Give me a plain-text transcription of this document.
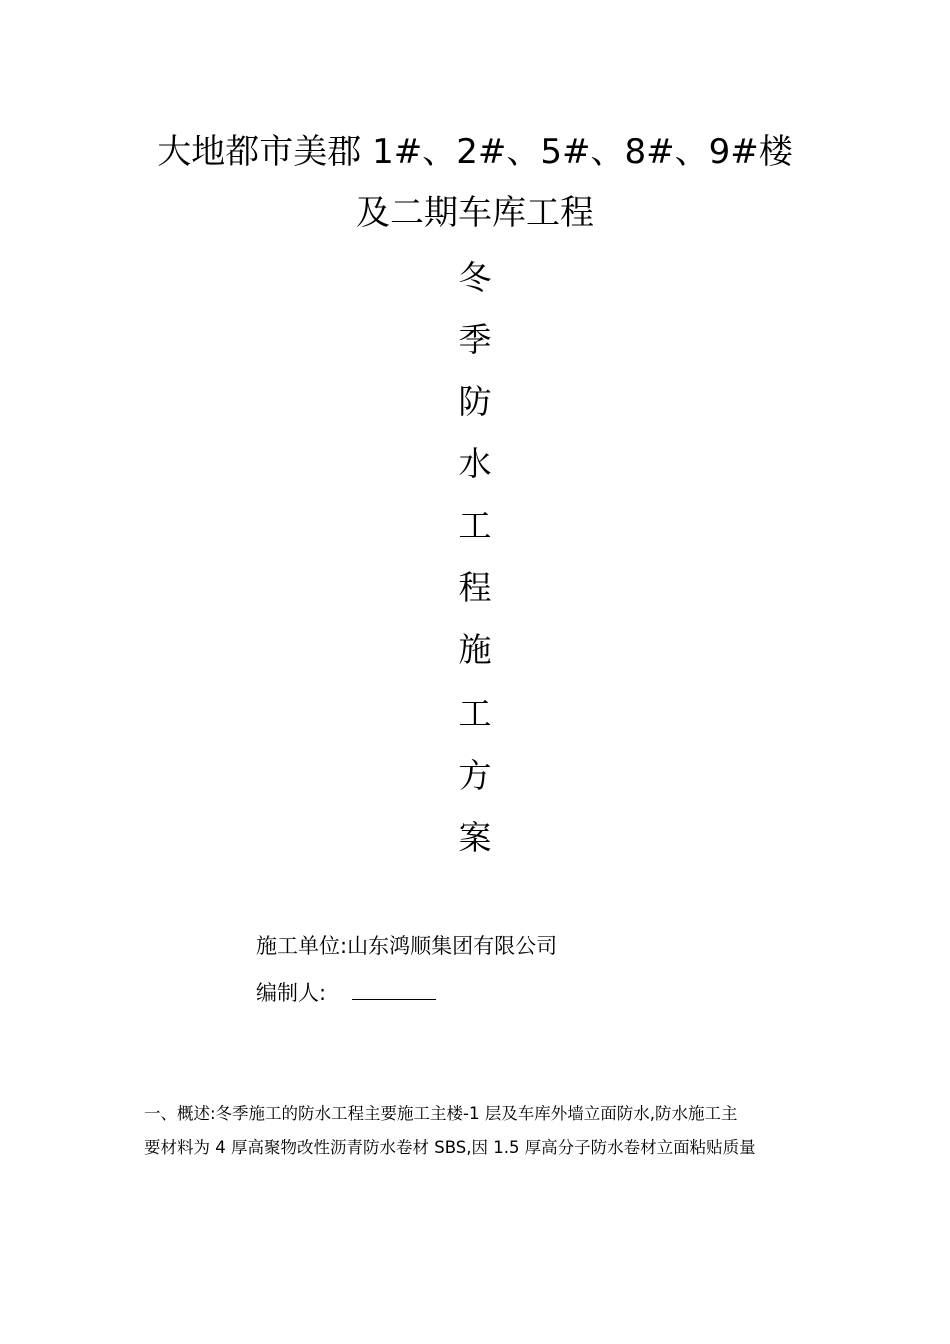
大地都市美郡 1#、2#、5#、8#、9#楼
及二期车库工程
冬
季
防
水
工
程
施
工
方
案
施工单位:山东鸿顺集团有限公司
编制人:
一、概述:冬季施工的防水工程主要施工主楼-1 层及车库外墙立面防水,防水施工主
要材料为 4 厚高聚物改性沥青防水卷材 SBS,因 1.5 厚高分子防水卷材立面粘贴质量
